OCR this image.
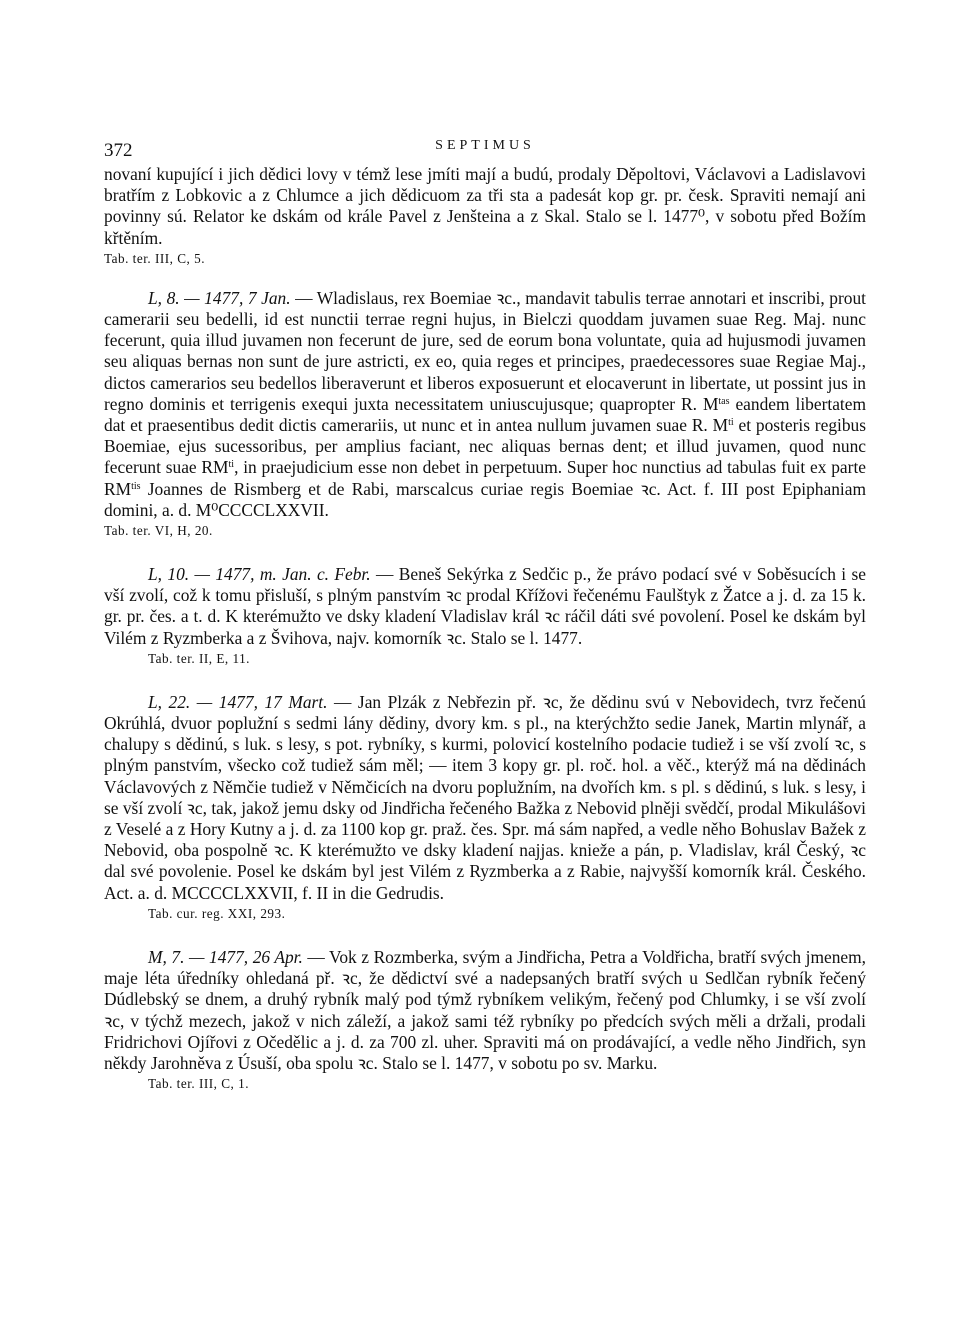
372	SEPTIMUS

novaní kupující i jich dědici lovy v témž lese jmíti mají a budú, prodaly Děpoltovi, Václavovi a Ladislavovi bratřím z Lobkovic a z Chlumce a jich dědicuom za tři sta a padesát kop gr. pr. česk. Spraviti nemají ani povinny sú. Relator ke dskám od krále Pavel z Jenšteina a z Skal. Stalo se l. 1477⁰, v sobotu před Božím křtěním.

Tab. ter. III, C, 5.

L, 8. — 1477, 7 Jan. — Wladislaus, rex Boemiae ꝛc., mandavit tabulis terrae annotari et inscribi, prout camerarii seu bedelli, id est nunctii terrae regni hujus, in Bielczi quoddam juvamen suae Reg. Maj. nunc fecerunt, quia illud juvamen non fecerunt de jure, sed de eorum bona voluntate, quia ad hujusmodi juvamen seu aliquas bernas non sunt de jure astricti, ex eo, quia reges et principes, praedecessores suae Regiae Maj., dictos camerarios seu bedellos liberaverunt et liberos exposuerunt et elocaverunt in libertate, ut possint jus in regno dominis et terrigenis exequi juxta necessitatem uniuscujusque; quapropter R. $M^{tas}$ eandem libertatem dat et praesentibus dedit dictis camerariis, ut nunc et in antea nullum juvamen suae R. $M^{ti}$ et posteris regibus Boemiae, ejus sucessoribus, per amplius faciant, nec aliquas bernas dent; et illud juvamen, quod nunc fecerunt suae $RM^{ti}$, in praejudicium esse non debet in perpetuum. Super hoc nunctius ad tabulas fuit ex parte $RM^{tis}$ Joannes de Rismberg et de Rabi, marscalcus curiae regis Boemiae ꝛc. Act. f. III post Epiphaniam domini, a. d. M⁰CCCCLXXVII.

Tab. ter. VI, H, 20.

L, 10. — 1477, m. Jan. c. Febr. — Beneš Sekýrka z Sedčic p., že právo podací své v Soběsucích i se vší zvolí, což k tomu přisluší, s plným panstvím ꝛc prodal Křížovi řečenému Faulštyk z Žatce a j. d. za 15 k. gr. pr. čes. a t. d. K kterémužto ve dsky kladení Vladislav král ꝛc ráčil dáti své povolení. Posel ke dskám byl Vilém z Ryzmberka a z Švihova, najv. komorník ꝛc. Stalo se l. 1477.

Tab. ter. II, E, 11.

L, 22. — 1477, 17 Mart. — Jan Plzák z Nebřezin př. ꝛc, že dědinu svú v Nebovidech, tvrz řečenú Okrúhlá, dvuor poplužní s sedmi lány dědiny, dvory km. s pl., na kterýchžto sedie Janek, Martin mlynář, a chalupy s dědinú, s luk. s lesy, s pot. rybníky, s kurmi, polovicí kostelního podacie tudiež i se vší zvolí ꝛc, s plným panstvím, všecko což tudiež sám měl; — item 3 kopy gr. pl. roč. hol. a věč., kterýž má na dědinách Václavových z Němčie tudiež v Němčicích na dvoru poplužním, na dvořích km. s pl. s dědinú, s luk. s lesy, i se vší zvolí ꝛc, tak, jakož jemu dsky od Jindřicha řečeného Bažka z Nebovid plněji svědčí, prodal Mikulášovi z Veselé a z Hory Kutny a j. d. za 1100 kop gr. praž. čes. Spr. má sám napřed, a vedle něho Bohuslav Bažek z Nebovid, oba pospolně ꝛc. K kterémužto ve dsky kladení najjas. knieže a pán, p. Vladislav, král Český, ꝛc dal své povolenie. Posel ke dskám byl jest Vilém z Ryzmberka a z Rabie, najvyšší komorník král. Českého. Act. a. d. MCCCCLXXVII, f. II in die Gedrudis.

Tab. cur. reg. XXI, 293.

M, 7. — 1477, 26 Apr. — Vok z Rozmberka, svým a Jindřicha, Petra a Voldřicha, bratří svých jmenem, maje léta úředníky ohledaná př. ꝛc, že dědictví své a nadepsaných bratří svých u Sedlčan rybník řečený Dúdlebský se dnem, a druhý rybník malý pod týmž rybníkem velikým, řečený pod Chlumky, i se vší zvolí ꝛc, v týchž mezech, jakož v nich záleží, a jakož sami též rybníky po předcích svých měli a držali, prodali Fridrichovi Ojířovi z Očedělic a j. d. za 700 zl. uher. Spraviti má on prodávající, a vedle něho Jindřich, syn někdy Jarohněva z Úsuší, oba spolu ꝛc. Stalo se l. 1477, v sobotu po sv. Marku.

Tab. ter. III, C, 1.
